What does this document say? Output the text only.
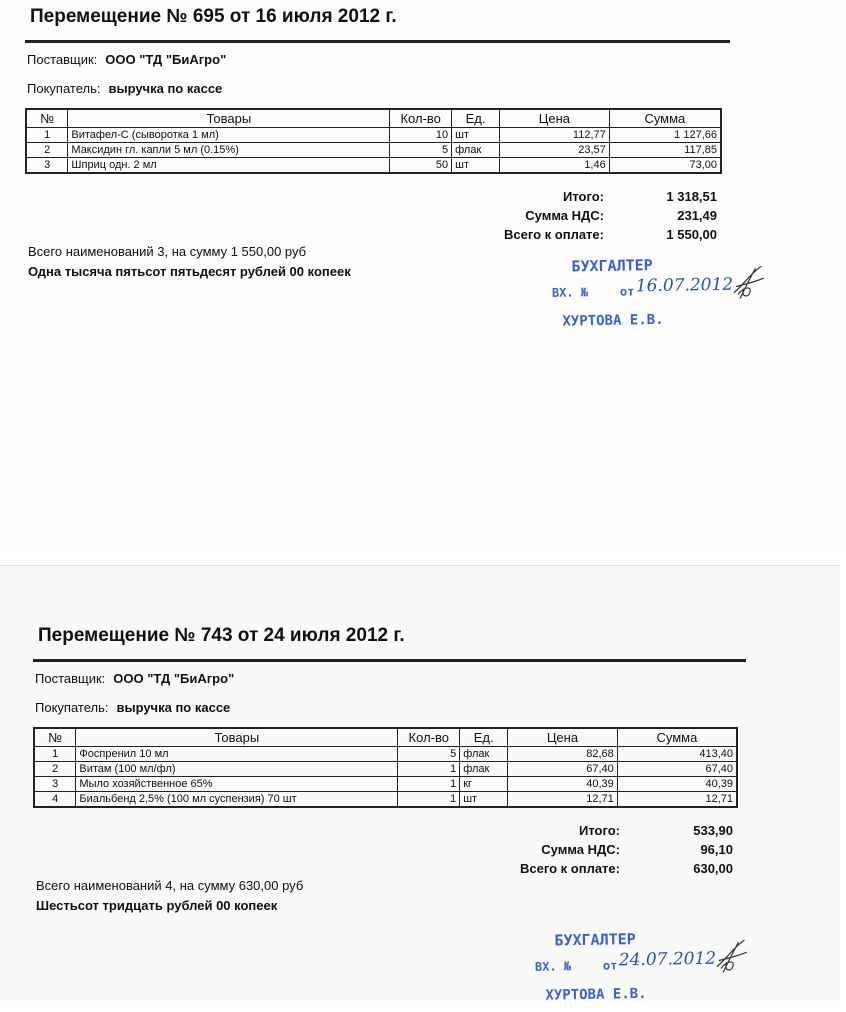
Перемещение № 695 от 16 июля 2012 г.
Поставщик: ООО "ТД "БиАгро"
Покупатель: выручка по кассе
№	Товары	Кол-во	Ед.	Цена	Сумма
1	Витафел-С (сыворотка 1 мл)	10	шт	112,77	1 127,66
2	Максидин гл. капли 5 мл (0.15%)	5	флак	23,57	117,85
3	Шприц одн. 2 мл	50	шт	1,46	73,00
Итого:	1 318,51
Сумма НДС:	231,49
Всего к оплате:	1 550,00
Всего наименований 3, на сумму 1 550,00 руб
Одна тысяча пятьсот пятьдесят рублей 00 копеек	БУХГАЛТЕР
ВХ. №	от 16.07.2012
ХУРТОВА Е.В.
Перемещение № 743 от 24 июля 2012 г.
Поставщик: ООО "ТД "БиАгро"
Покупатель: выручка по кассе
№	Товары	Кол-во	Ед.	Цена	Сумма
1	Фоспренил 10 мл	5	флак	82,68	413,40
2	Витам (100 мл/фл)	1	флак	67,40	67,40
3	Мыло хозяйственное 65%	1	кг	40,39	40,39
4	Биальбенд 2,5% (100 мл суспензия) 70 шт	1	шт	12,71	12,71
Итого:	533,90
Сумма НДС:	96,10
Всего к оплате:	630,00
Всего наименований 4, на сумму 630,00 руб
Шестьсот тридцать рублей 00 копеек
БУХГАЛТЕР
ВХ. №	от 24.07.2012
ХУРТОВА Е.В.
